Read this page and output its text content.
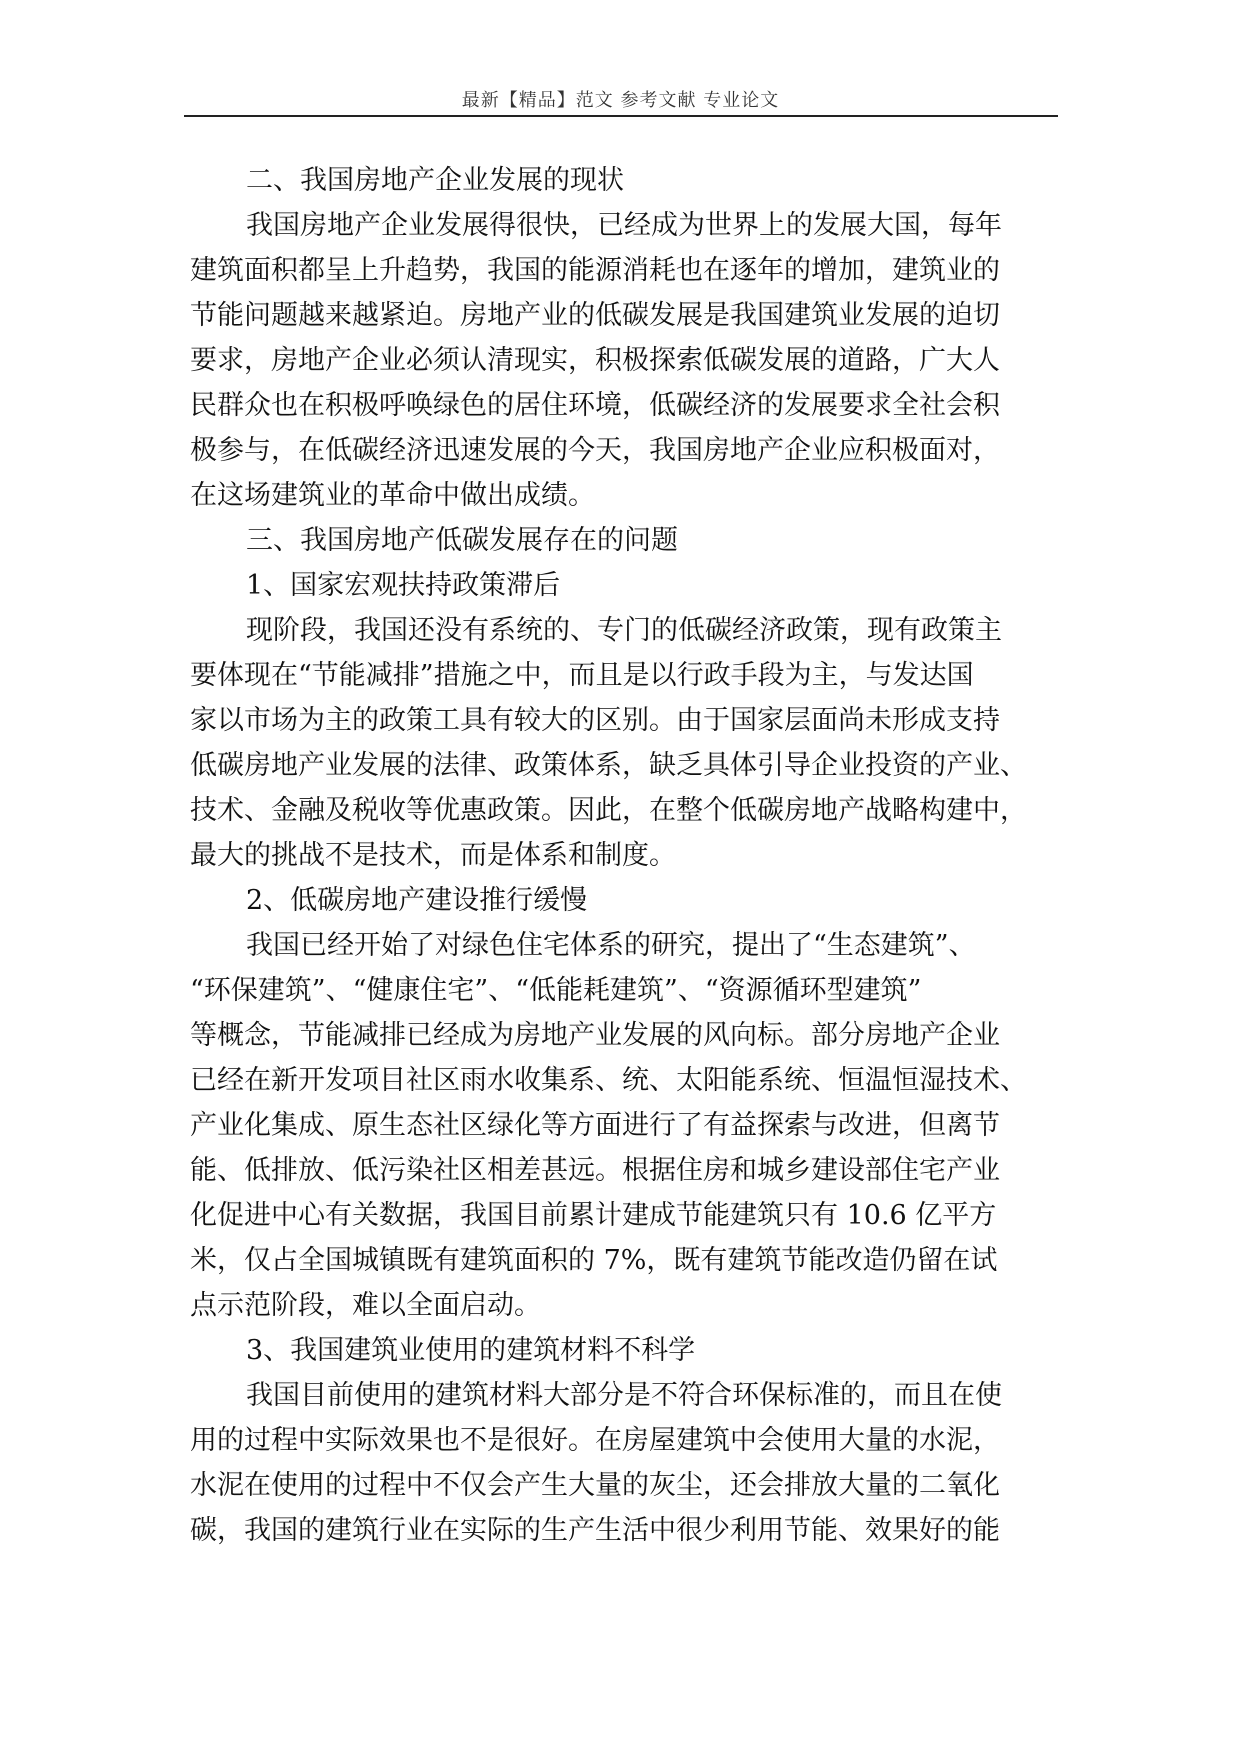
最新【精品】范文 参考文献 专业论文
二、我国房地产企业发展的现状
我国房地产企业发展得很快，已经成为世界上的发展大国，每年
建筑面积都呈上升趋势，我国的能源消耗也在逐年的增加，建筑业的
节能问题越来越紧迫。房地产业的低碳发展是我国建筑业发展的迫切
要求，房地产企业必须认清现实，积极探索低碳发展的道路，广大人
民群众也在积极呼唤绿色的居住环境，低碳经济的发展要求全社会积
极参与，在低碳经济迅速发展的今天，我国房地产企业应积极面对，
在这场建筑业的革命中做出成绩。
三、我国房地产低碳发展存在的问题
1、国家宏观扶持政策滞后
现阶段，我国还没有系统的、专门的低碳经济政策，现有政策主
要体现在“节能减排”措施之中，而且是以行政手段为主，与发达国
家以市场为主的政策工具有较大的区别。由于国家层面尚未形成支持
低碳房地产业发展的法律、政策体系，缺乏具体引导企业投资的产业、
技术、金融及税收等优惠政策。因此，在整个低碳房地产战略构建中，
最大的挑战不是技术，而是体系和制度。
2、低碳房地产建设推行缓慢
我国已经开始了对绿色住宅体系的研究，提出了“生态建筑”、
“环保建筑”、“健康住宅”、“低能耗建筑”、“资源循环型建筑”
等概念，节能减排已经成为房地产业发展的风向标。部分房地产企业
已经在新开发项目社区雨水收集系、统、太阳能系统、恒温恒湿技术、
产业化集成、原生态社区绿化等方面进行了有益探索与改进，但离节
能、低排放、低污染社区相差甚远。根据住房和城乡建设部住宅产业
化促进中心有关数据，我国目前累计建成节能建筑只有 10.6 亿平方
米，仅占全国城镇既有建筑面积的 7%，既有建筑节能改造仍留在试
点示范阶段，难以全面启动。
3、我国建筑业使用的建筑材料不科学
我国目前使用的建筑材料大部分是不符合环保标准的，而且在使
用的过程中实际效果也不是很好。在房屋建筑中会使用大量的水泥，
水泥在使用的过程中不仅会产生大量的灰尘，还会排放大量的二氧化
碳，我国的建筑行业在实际的生产生活中很少利用节能、效果好的能
